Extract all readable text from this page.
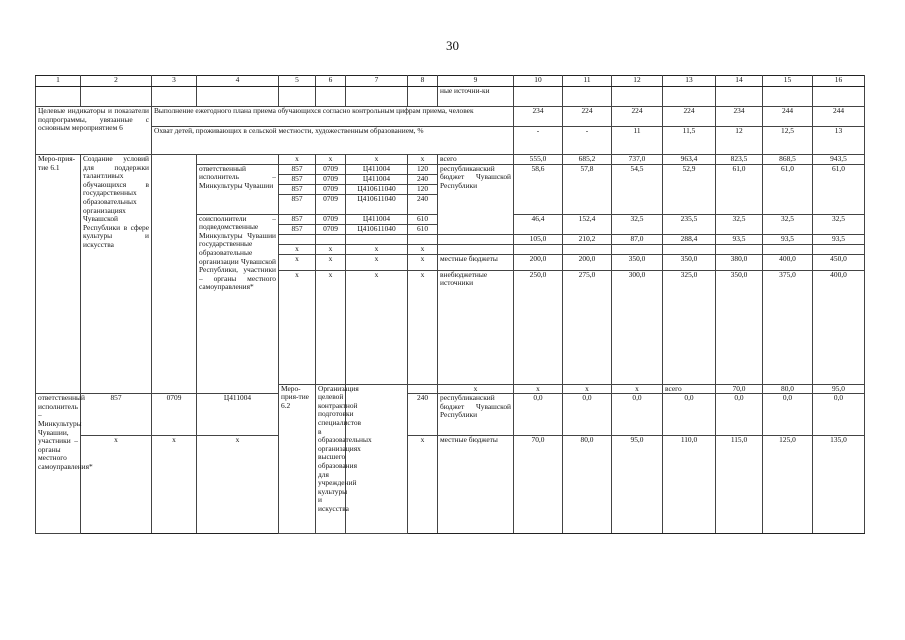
30
1	2	3	4	5	6	7	8	9	10	11	12	13	14	15	16	
								ные источни-ки								
Целевые индикаторы и показатели подпрограммы, увязанные с основным мероприятием 6		Выполнение ежегодного плана приема обучающихся согласно контрольным цифрам приема, человек							234	224	224	224	234	244	244	
		Охват детей, проживающих в сельской местности, художественным образованием, %							-	-	11	11,5	12	12,5	13	
Меро-прия-тие 6.1	Создание условий для поддержки талантливых обучающихся в государственных образовательных организациях Чувашской Республики в сфере культуры и искусства			x	x	x	x	всего	555,0	685,2	737,0	963,4	823,5	868,5	943,5	
			ответственный исполнитель – Минкультуры Чувашии	857	0709	Ц411004	120	республиканский бюджет Чувашской Республики	58,6	57,8	54,5	52,9	61,0	61,0	61,0	
				857	0709	Ц411004	240									
				857	0709	Ц410611040	120									
				857	0709	Ц410611040	240									
			соисполнители – подведомственные Минкультуры Чувашии государственные образовательные организации Чувашской Республики, участники – органы местного самоуправления*	857	0709	Ц411004	610		46,4	152,4	32,5	235,5	32,5	32,5	32,5	
				857	0709	Ц410611040	610									
									105,0	210,2	87,0	288,4	93,5	93,5	93,5	
				x	x	x	x									
				x	x	x	x	местные бюджеты	200,0	200,0	350,0	350,0	380,0	400,0	450,0	
				x	x	x	x	внебюджетные источники	250,0	275,0	300,0	325,0	350,0	375,0	400,0	
				Меро-прия-тие 6.2	Организация целевой контрактной подготовки специалистов в образовательных организациях высшего образования для учреждений культуры и искусства			x	x	x	x	всего	70,0	80,0	95,0				
ответственный исполнитель – Минкультуры Чувашии, участники – органы местного самоуправления*	857	0709	Ц411004				240	республиканский бюджет Чувашской Республики	0,0	0,0	0,0	0,0	0,0	0,0	0,0	
	x	x	x				x	местные бюджеты	70,0	80,0	95,0	110,0	115,0	125,0	135,0	
